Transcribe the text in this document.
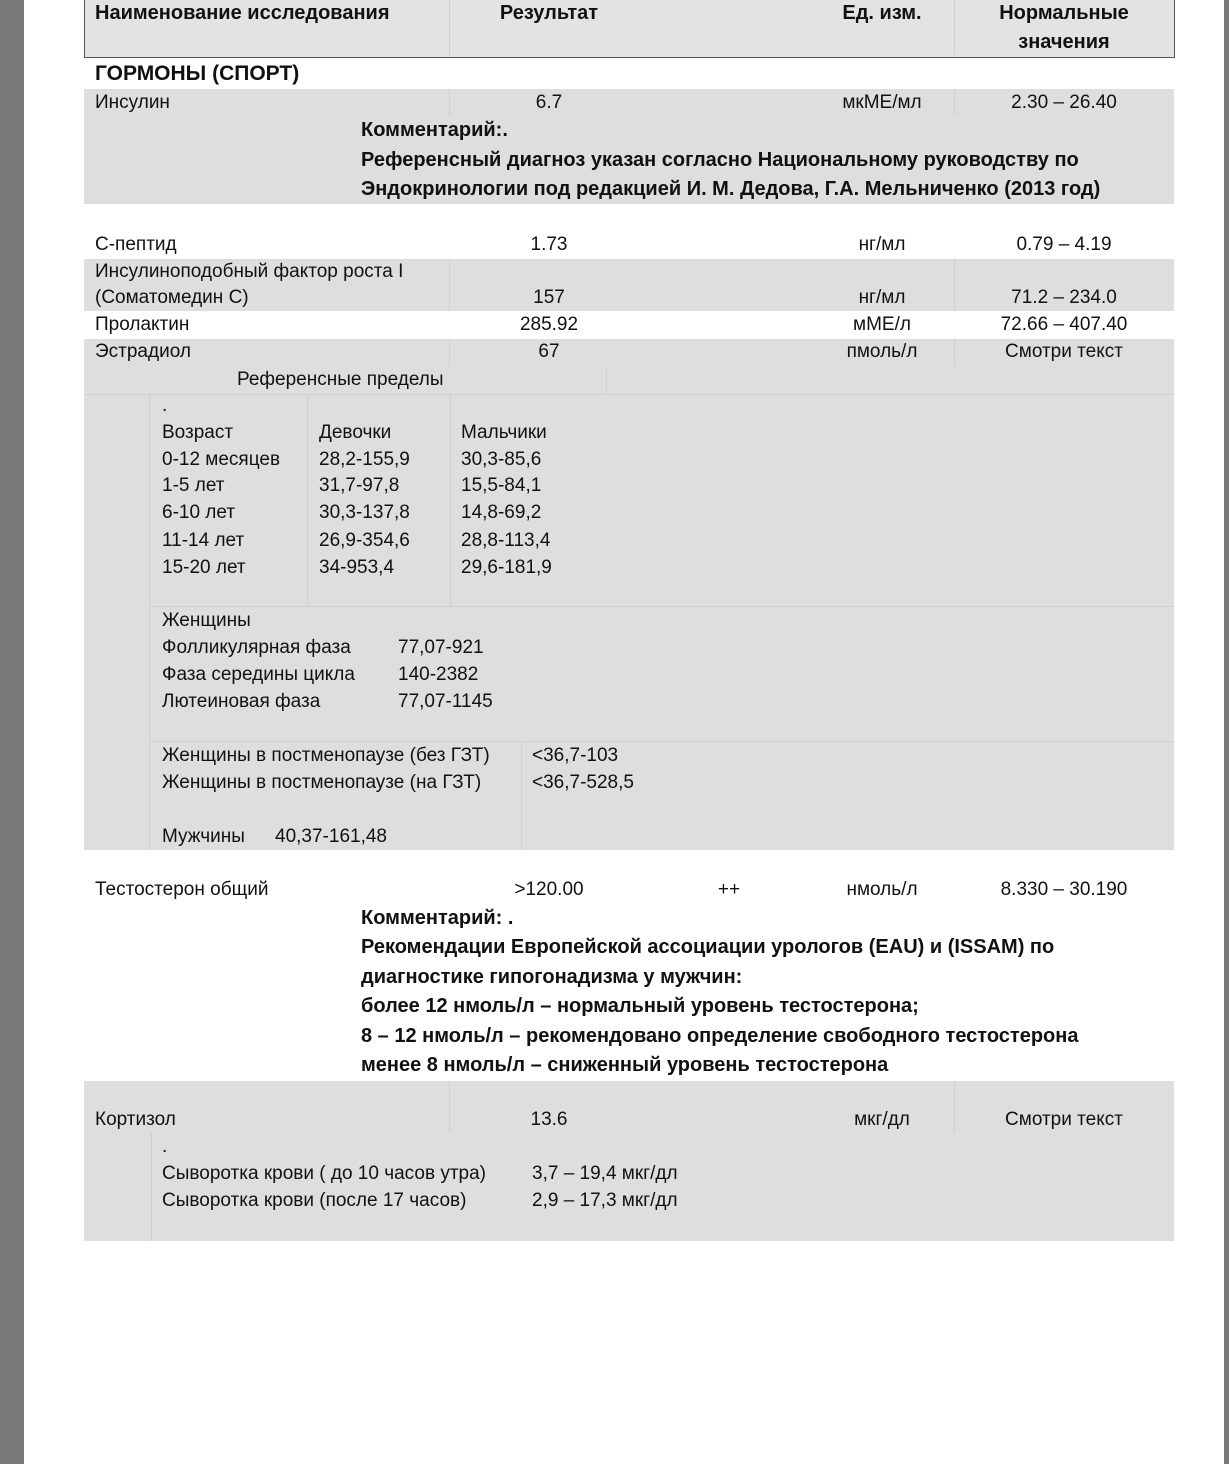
Наименование исследования	Результат	Ед. изм.	Нормальные
значения
ГОРМОНЫ (СПОРТ)
Инсулин	6.7	мкМЕ/мл	2.30 – 26.40
Комментарий:.
Референсный диагноз указан согласно Национальному руководству по
Эндокринологии под редакцией И. М. Дедова, Г.А. Мельниченко (2013 год)
С-пептид	1.73	нг/мл	0.79 – 4.19
Инсулиноподобный фактор роста I
(Соматомедин С)	157	нг/мл	71.2 – 234.0
Пролактин	285.92	мМЕ/л	72.66 – 407.40
Эстрадиол	67	пмоль/л	Смотри текст
Референсные пределы
.
Возраст	Девочки	Мальчики
0-12 месяцев 28,2-155,9	30,3-85,6
1-5 лет	31,7-97,8	15,5-84,1
6-10 лет	30,3-137,8	14,8-69,2
11-14 лет	26,9-354,6	28,8-113,4
15-20 лет	34-953,4	29,6-181,9
Женщины
Фолликулярная фаза 77,07-921
Фаза середины цикла 140-2382
Лютеиновая фаза	77,07-1145
Женщины в постменопаузе (без ГЗТ) <36,7-103
Женщины в постменопаузе (на ГЗТ)	<36,7-528,5
Мужчины 40,37-161,48
Тестостерон общий	>120.00	++	нмоль/л	8.330 – 30.190
Комментарий: .
Рекомендации Европейской ассоциации урологов (EAU) и (ISSAM) по
диагностике гипогонадизма у мужчин:
более 12 нмоль/л – нормальный уровень тестостерона;
8 – 12 нмоль/л – рекомендовано определение свободного тестостерона
менее 8 нмоль/л – сниженный уровень тестостерона
Кортизол	13.6	мкг/дл	Смотри текст
.
Сыворотка крови ( до 10 часов утра) 3,7 – 19,4 мкг/дл
Сыворотка крови (после 17 часов)	2,9 – 17,3 мкг/дл
